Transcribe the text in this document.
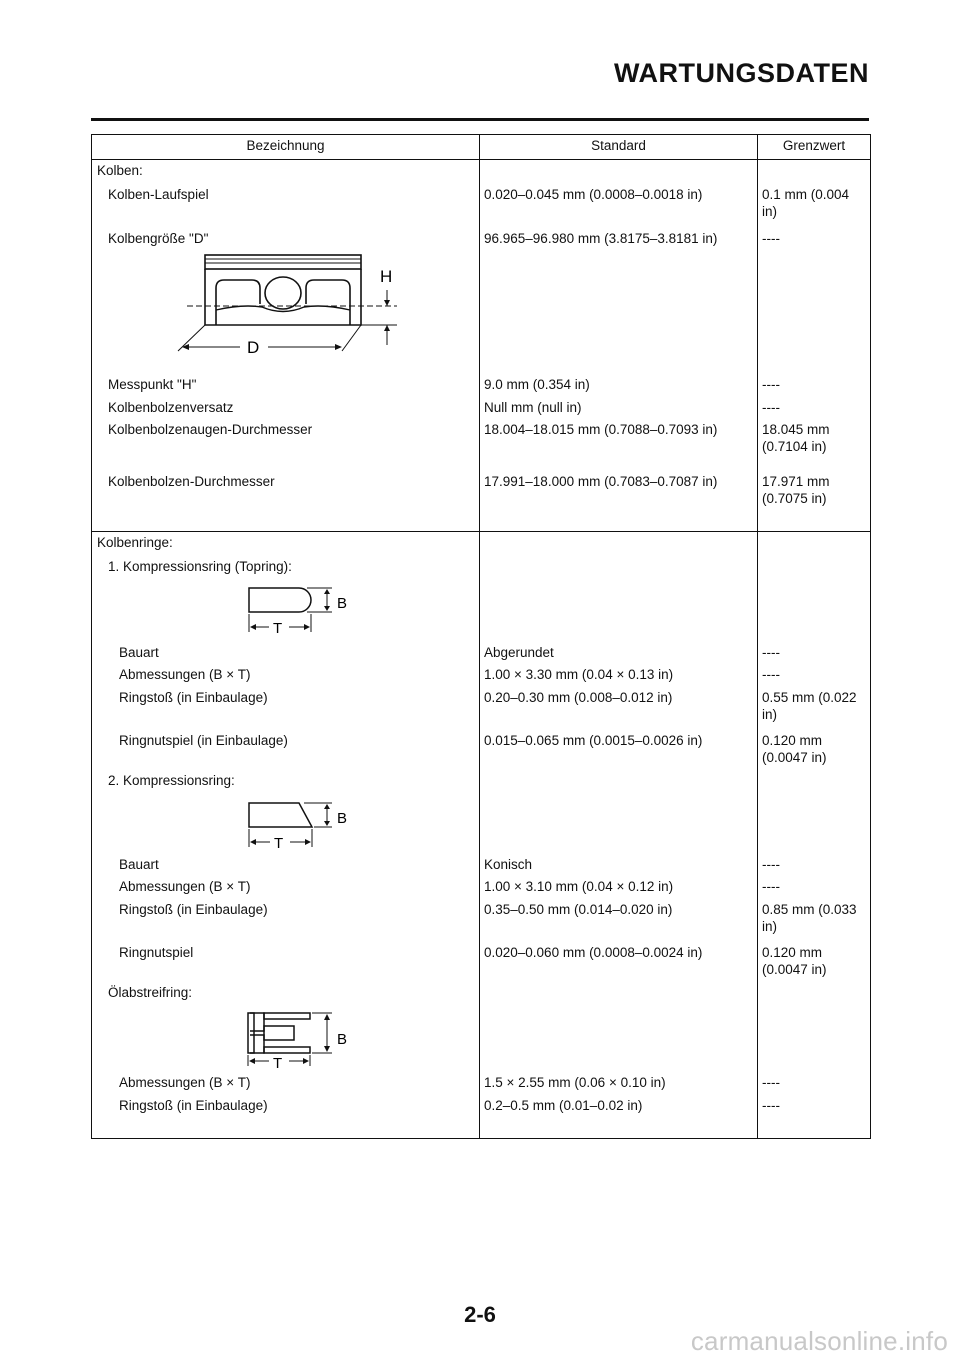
WARTUNGSDATEN
Bezeichnung	Standard	Grenzwert
Kolben:
Kolben-Laufspiel	0.020–0.045 mm (0.0008–0.0018 in)	0.1 mm (0.004
in)
Kolbengröße "D"	96.965–96.980 mm (3.8175–3.8181 in)	----
H
D
Messpunkt "H"	9.0 mm (0.354 in)	----
Kolbenbolzenversatz	Null mm (null in)	----
Kolbenbolzenaugen-Durchmesser	18.004–18.015 mm (0.7088–0.7093 in)	18.045 mm
(0.7104 in)
Kolbenbolzen-Durchmesser	17.991–18.000 mm (0.7083–0.7087 in)	17.971 mm
(0.7075 in)
Kolbenringe:
1. Kompressionsring (Topring):
B
T
Bauart	Abgerundet	----
Abmessungen (B × T)	1.00 × 3.30 mm (0.04 × 0.13 in)	----
Ringstoß (in Einbaulage)	0.20–0.30 mm (0.008–0.012 in)	0.55 mm (0.022
in)
Ringnutspiel (in Einbaulage)	0.015–0.065 mm (0.0015–0.0026 in)	0.120 mm
(0.0047 in)
2. Kompressionsring:
B
T
Bauart	Konisch	----
Abmessungen (B × T)	1.00 × 3.10 mm (0.04 × 0.12 in)	----
Ringstoß (in Einbaulage)	0.35–0.50 mm (0.014–0.020 in)	0.85 mm (0.033
in)
Ringnutspiel	0.020–0.060 mm (0.0008–0.0024 in)	0.120 mm
(0.0047 in)
Ölabstreifring:
B
T
Abmessungen (B × T)	1.5 × 2.55 mm (0.06 × 0.10 in)	----
Ringstoß (in Einbaulage)	0.2–0.5 mm (0.01–0.02 in)	----

2-6

carmanualsonline.info
